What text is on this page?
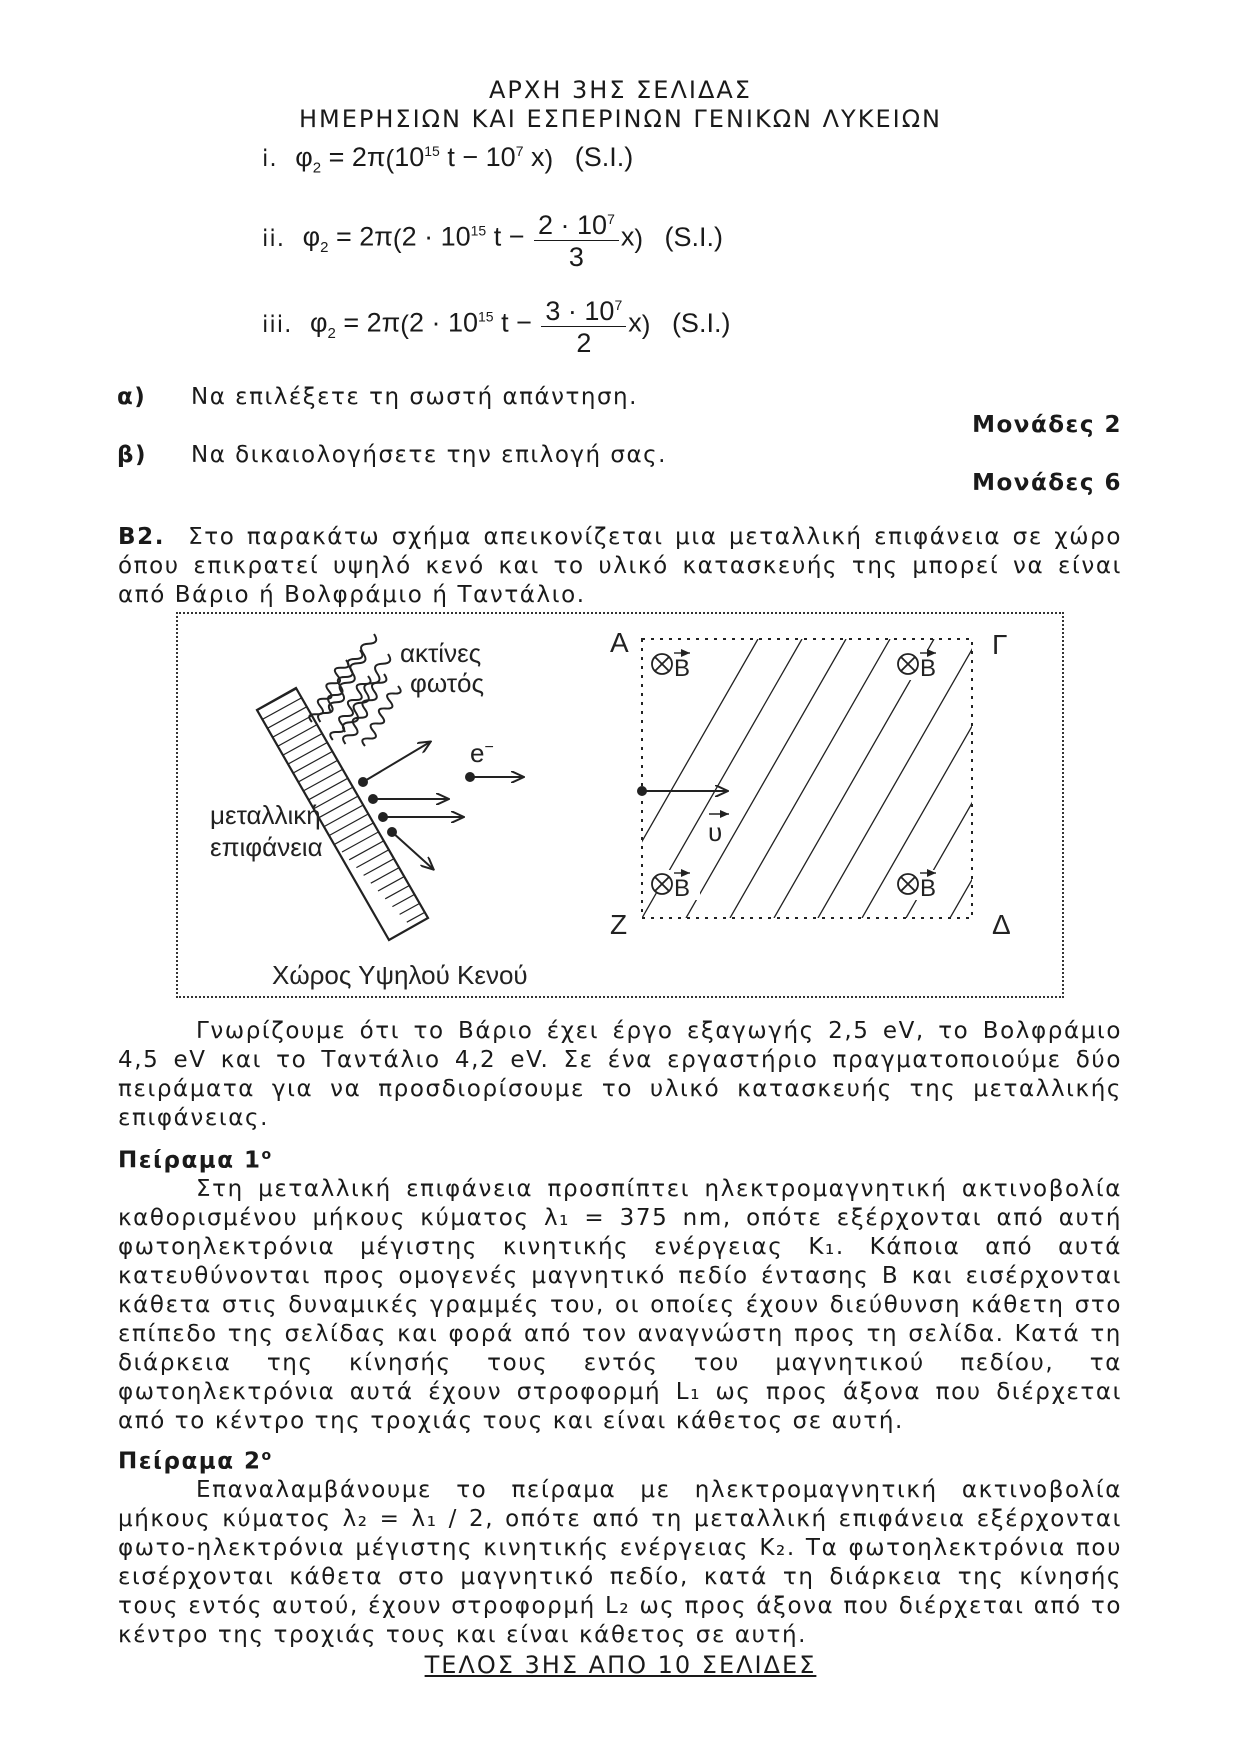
ΑΡΧΗ 3ΗΣ ΣΕΛΙΔΑΣ
ΗΜΕΡΗΣΙΩΝ ΚΑΙ ΕΣΠΕΡΙΝΩΝ ΓΕΝΙΚΩΝ ΛΥΚΕΙΩΝ
i. $\varphi_2 = 2\pi(10^{15}$ $t - 10^7$ x) (S.I.)
ii. $\varphi_2 = 2\pi(2 \cdot 10^{15}$ $t - \frac{2 \cdot 10^7}{3} x$) (S.I.)
iii. $\varphi_2 = 2\pi(2 \cdot 10^{15}$ $t - \frac{3 \cdot 10^7}{2} x$) (S.I.)
α) Να επιλέξετε τη σωστή απάντηση.
Μονάδες 2
β) Να δικαιολογήσετε την επιλογή σας.
Μονάδες 6
Β2. Στο παρακάτω σχήμα απεικονίζεται μια μεταλλική επιφάνεια σε χώρο όπου επικρατεί υψηλό κενό και το υλικό κατασκευής της μπορεί να είναι από Βάριο ή Βολφράμιο ή Ταντάλιο.
ακτίνες
φωτός
e−
μεταλλική
επιφάνεια
Χώρος Υψηλού Κενού
Α	Γ
Ζ	Δ
B	B
B	B
υ
Γνωρίζουμε ότι το Βάριο έχει έργο εξαγωγής 2,5 eV, το Βολφράμιο 4,5 eV και το Ταντάλιο 4,2 eV. Σε ένα εργαστήριο πραγματοποιούμε δύο πειράματα για να προσδιορίσουμε το υλικό κατασκευής της μεταλλικής επιφάνειας.
Πείραμα $1^o$
Στη μεταλλική επιφάνεια προσπίπτει ηλεκτρομαγνητική ακτινοβολία καθορισμένου μήκους κύματος λ₁ = 375 nm, οπότε εξέρχονται από αυτή φωτοηλεκτρόνια μέγιστης κινητικής ενέργειας Κ₁. Κάποια από αυτά κατευθύνονται προς ομογενές μαγνητικό πεδίο έντασης Β και εισέρχονται κάθετα στις δυναμικές γραμμές του, οι οποίες έχουν διεύθυνση κάθετη στο επίπεδο της σελίδας και φορά από τον αναγνώστη προς τη σελίδα. Κατά τη διάρκεια της κίνησής τους εντός του μαγνητικού πεδίου, τα φωτοηλεκτρόνια αυτά έχουν στροφορμή L₁ ως προς άξονα που διέρχεται από το κέντρο της τροχιάς τους και είναι κάθετος σε αυτή.
Πείραμα $2^o$
Επαναλαμβάνουμε το πείραμα με ηλεκτρομαγνητική ακτινοβολία μήκους κύματος λ₂ = λ₁ / 2, οπότε από τη μεταλλική επιφάνεια εξέρχονται φωτο-ηλεκτρόνια μέγιστης κινητικής ενέργειας Κ₂. Τα φωτοηλεκτρόνια που εισέρχονται κάθετα στο μαγνητικό πεδίο, κατά τη διάρκεια της κίνησής τους εντός αυτού, έχουν στροφορμή L₂ ως προς άξονα που διέρχεται από το κέντρο της τροχιάς τους και είναι κάθετος σε αυτή.
ΤΕΛΟΣ 3ΗΣ ΑΠΟ 10 ΣΕΛΙΔΕΣ
